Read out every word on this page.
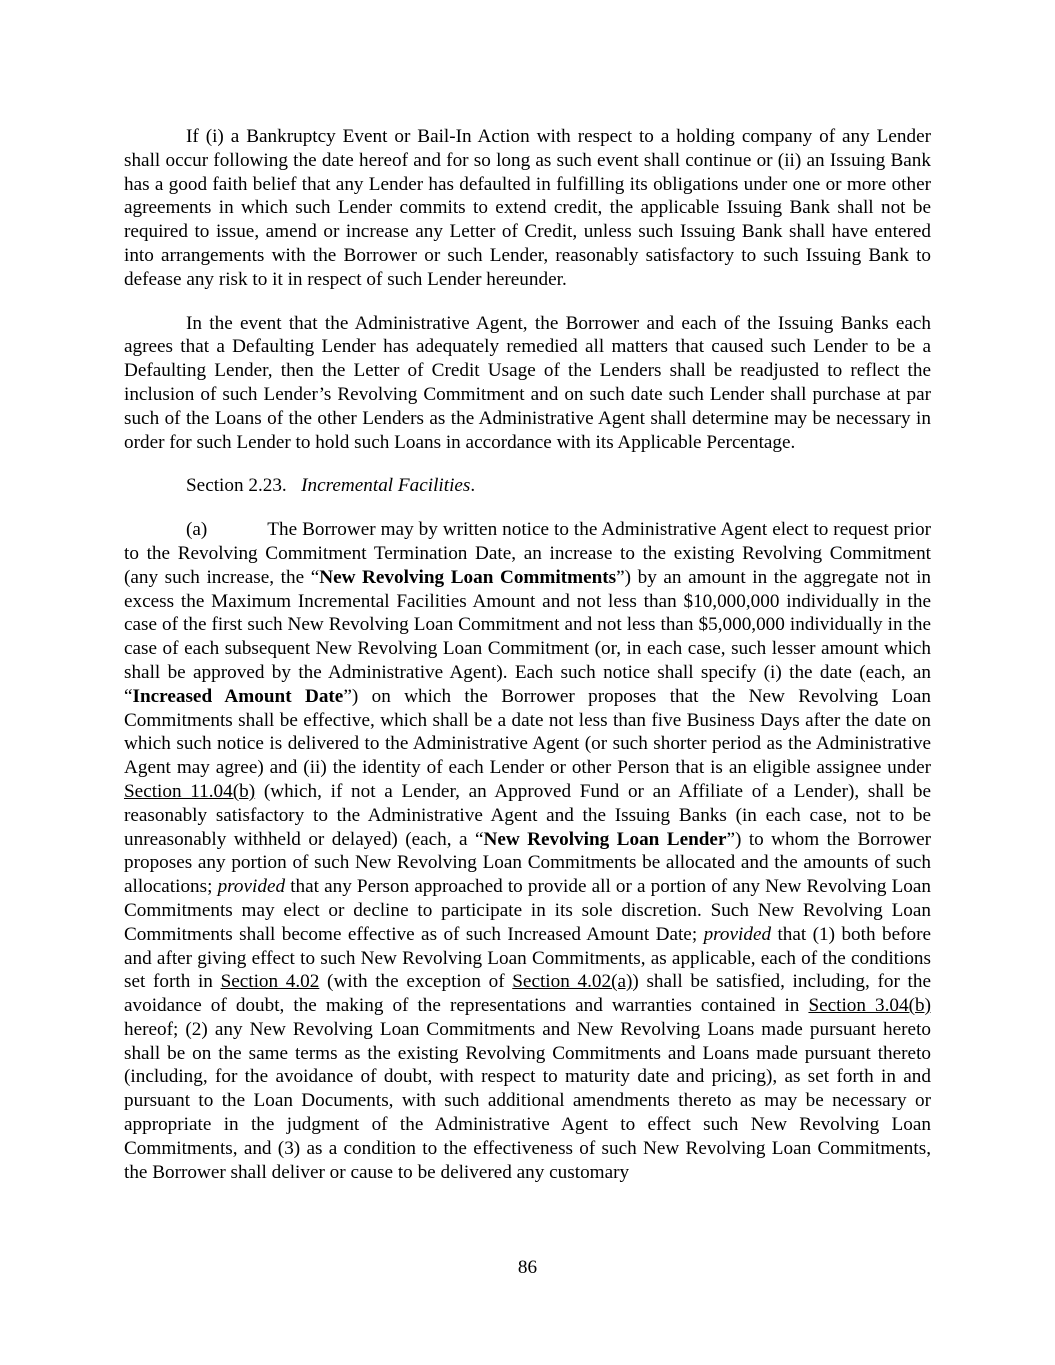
If (i) a Bankruptcy Event or Bail-In Action with respect to a holding company of any Lender shall occur following the date hereof and for so long as such event shall continue or (ii) an Issuing Bank has a good faith belief that any Lender has defaulted in fulfilling its obligations under one or more other agreements in which such Lender commits to extend credit, the applicable Issuing Bank shall not be required to issue, amend or increase any Letter of Credit, unless such Issuing Bank shall have entered into arrangements with the Borrower or such Lender, reasonably satisfactory to such Issuing Bank to defease any risk to it in respect of such Lender hereunder.

In the event that the Administrative Agent, the Borrower and each of the Issuing Banks each agrees that a Defaulting Lender has adequately remedied all matters that caused such Lender to be a Defaulting Lender, then the Letter of Credit Usage of the Lenders shall be readjusted to reflect the inclusion of such Lender’s Revolving Commitment and on such date such Lender shall purchase at par such of the Loans of the other Lenders as the Administrative Agent shall determine may be necessary in order for such Lender to hold such Loans in accordance with its Applicable Percentage.

Section 2.23. Incremental Facilities.

(a)	The Borrower may by written notice to the Administrative Agent elect to request prior to the Revolving Commitment Termination Date, an increase to the existing Revolving Commitment (any such increase, the “New Revolving Loan Commitments”) by an amount in the aggregate not in excess the Maximum Incremental Facilities Amount and not less than $10,000,000 individually in the case of the first such New Revolving Loan Commitment and not less than $5,000,000 individually in the case of each subsequent New Revolving Loan Commitment (or, in each case, such lesser amount which shall be approved by the Administrative Agent). Each such notice shall specify (i) the date (each, an “Increased Amount Date”) on which the Borrower proposes that the New Revolving Loan Commitments shall be effective, which shall be a date not less than five Business Days after the date on which such notice is delivered to the Administrative Agent (or such shorter period as the Administrative Agent may agree) and (ii) the identity of each Lender or other Person that is an eligible assignee under Section 11.04(b) (which, if not a Lender, an Approved Fund or an Affiliate of a Lender), shall be reasonably satisfactory to the Administrative Agent and the Issuing Banks (in each case, not to be unreasonably withheld or delayed) (each, a “New Revolving Loan Lender”) to whom the Borrower proposes any portion of such New Revolving Loan Commitments be allocated and the amounts of such allocations; provided that any Person approached to provide all or a portion of any New Revolving Loan Commitments may elect or decline to participate in its sole discretion. Such New Revolving Loan Commitments shall become effective as of such Increased Amount Date; provided that (1) both before and after giving effect to such New Revolving Loan Commitments, as applicable, each of the conditions set forth in Section 4.02 (with the exception of Section 4.02(a)) shall be satisfied, including, for the avoidance of doubt, the making of the representations and warranties contained in Section 3.04(b) hereof; (2) any New Revolving Loan Commitments and New Revolving Loans made pursuant hereto shall be on the same terms as the existing Revolving Commitments and Loans made pursuant thereto (including, for the avoidance of doubt, with respect to maturity date and pricing), as set forth in and pursuant to the Loan Documents, with such additional amendments thereto as may be necessary or appropriate in the judgment of the Administrative Agent to effect such New Revolving Loan Commitments, and (3) as a condition to the effectiveness of such New Revolving Loan Commitments, the Borrower shall deliver or cause to be delivered any customary

86
